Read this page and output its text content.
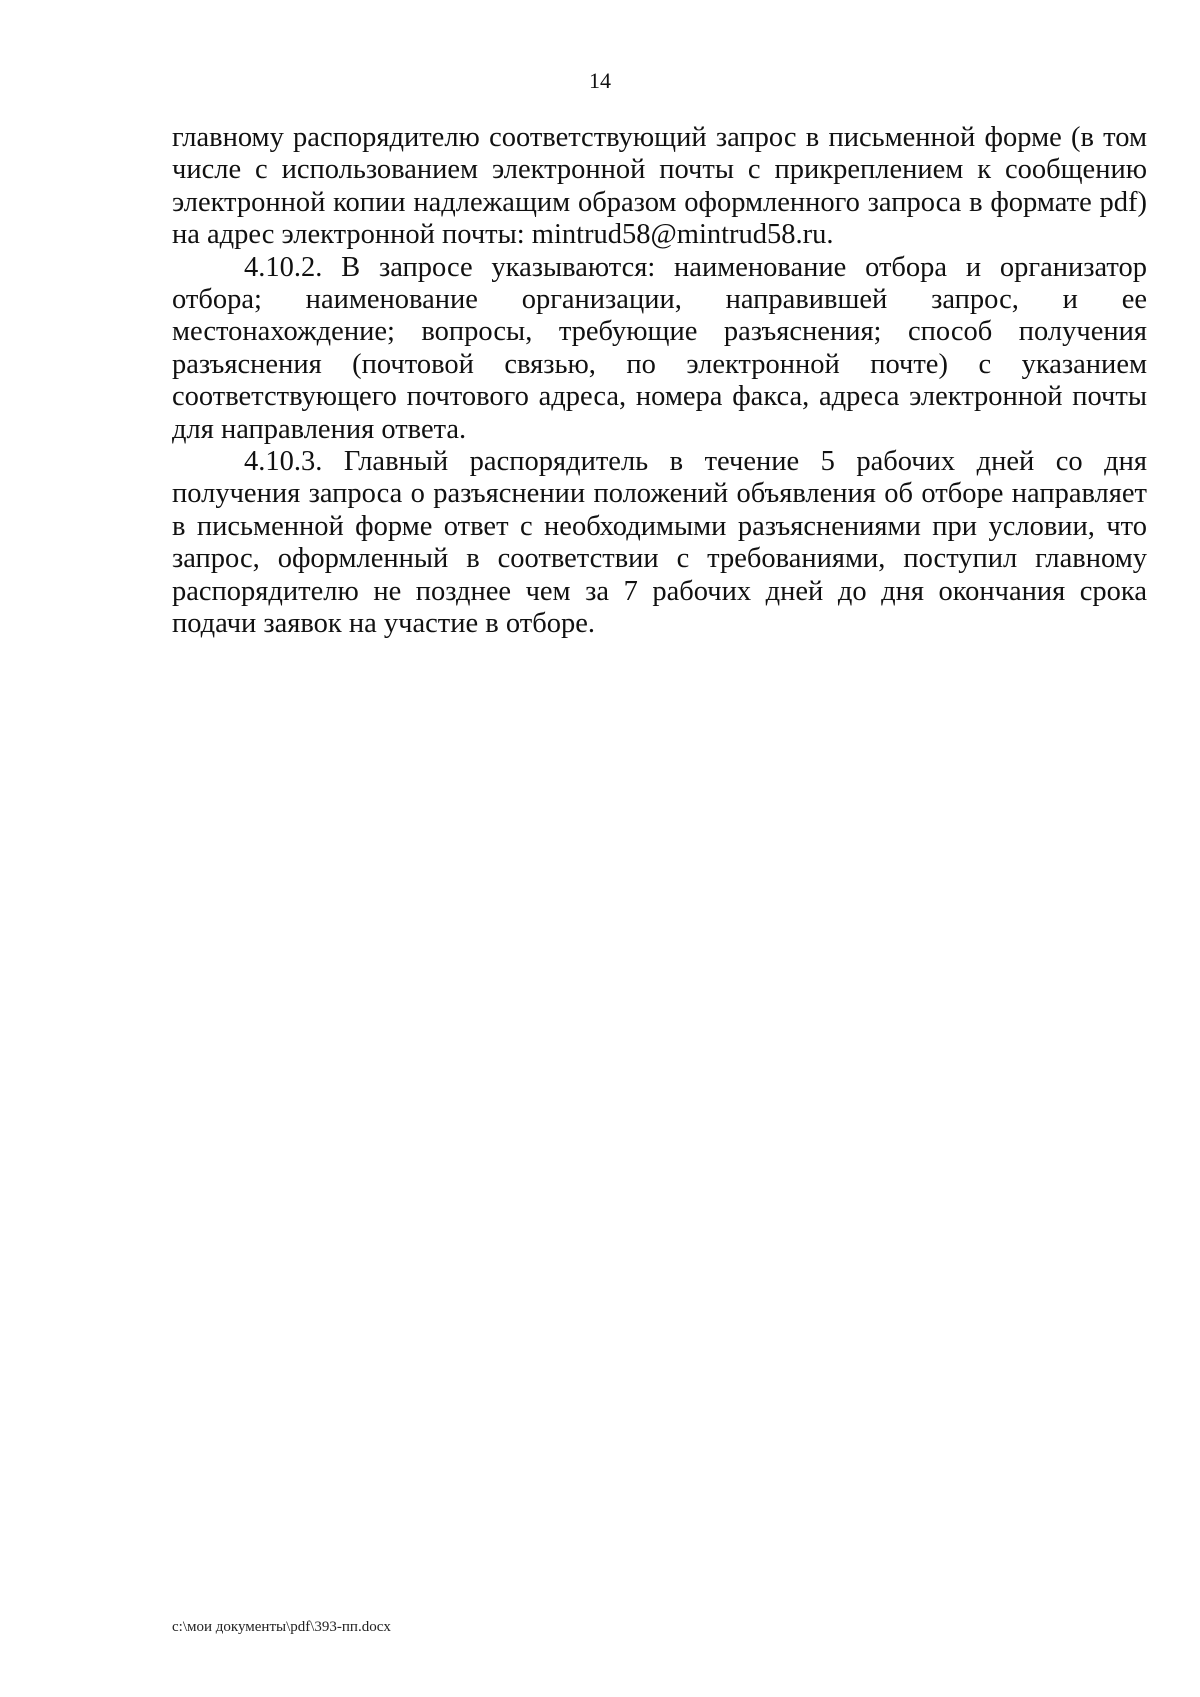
14

главному распорядителю соответствующий запрос в письменной форме (в том числе с использованием электронной почты с прикреплением к сообщению электронной копии надлежащим образом оформленного запроса в формате pdf) на адрес электронной почты: mintrud58@mintrud58.ru.

4.10.2. В запросе указываются: наименование отбора и организатор отбора; наименование организации, направившей запрос, и ее местонахождение; вопросы, требующие разъяснения; способ получения разъяснения (почтовой связью, по электронной почте) с указанием соответствующего почтового адреса, номера факса, адреса электронной почты для направления ответа.

4.10.3. Главный распорядитель в течение 5 рабочих дней со дня получения запроса о разъяснении положений объявления об отборе направляет в письменной форме ответ с необходимыми разъяснениями при условии, что запрос, оформленный в соответствии с требованиями, поступил главному распорядителю не позднее чем за 7 рабочих дней до дня окончания срока подачи заявок на участие в отборе.

c:\мои документы\pdf\393-пп.docx
